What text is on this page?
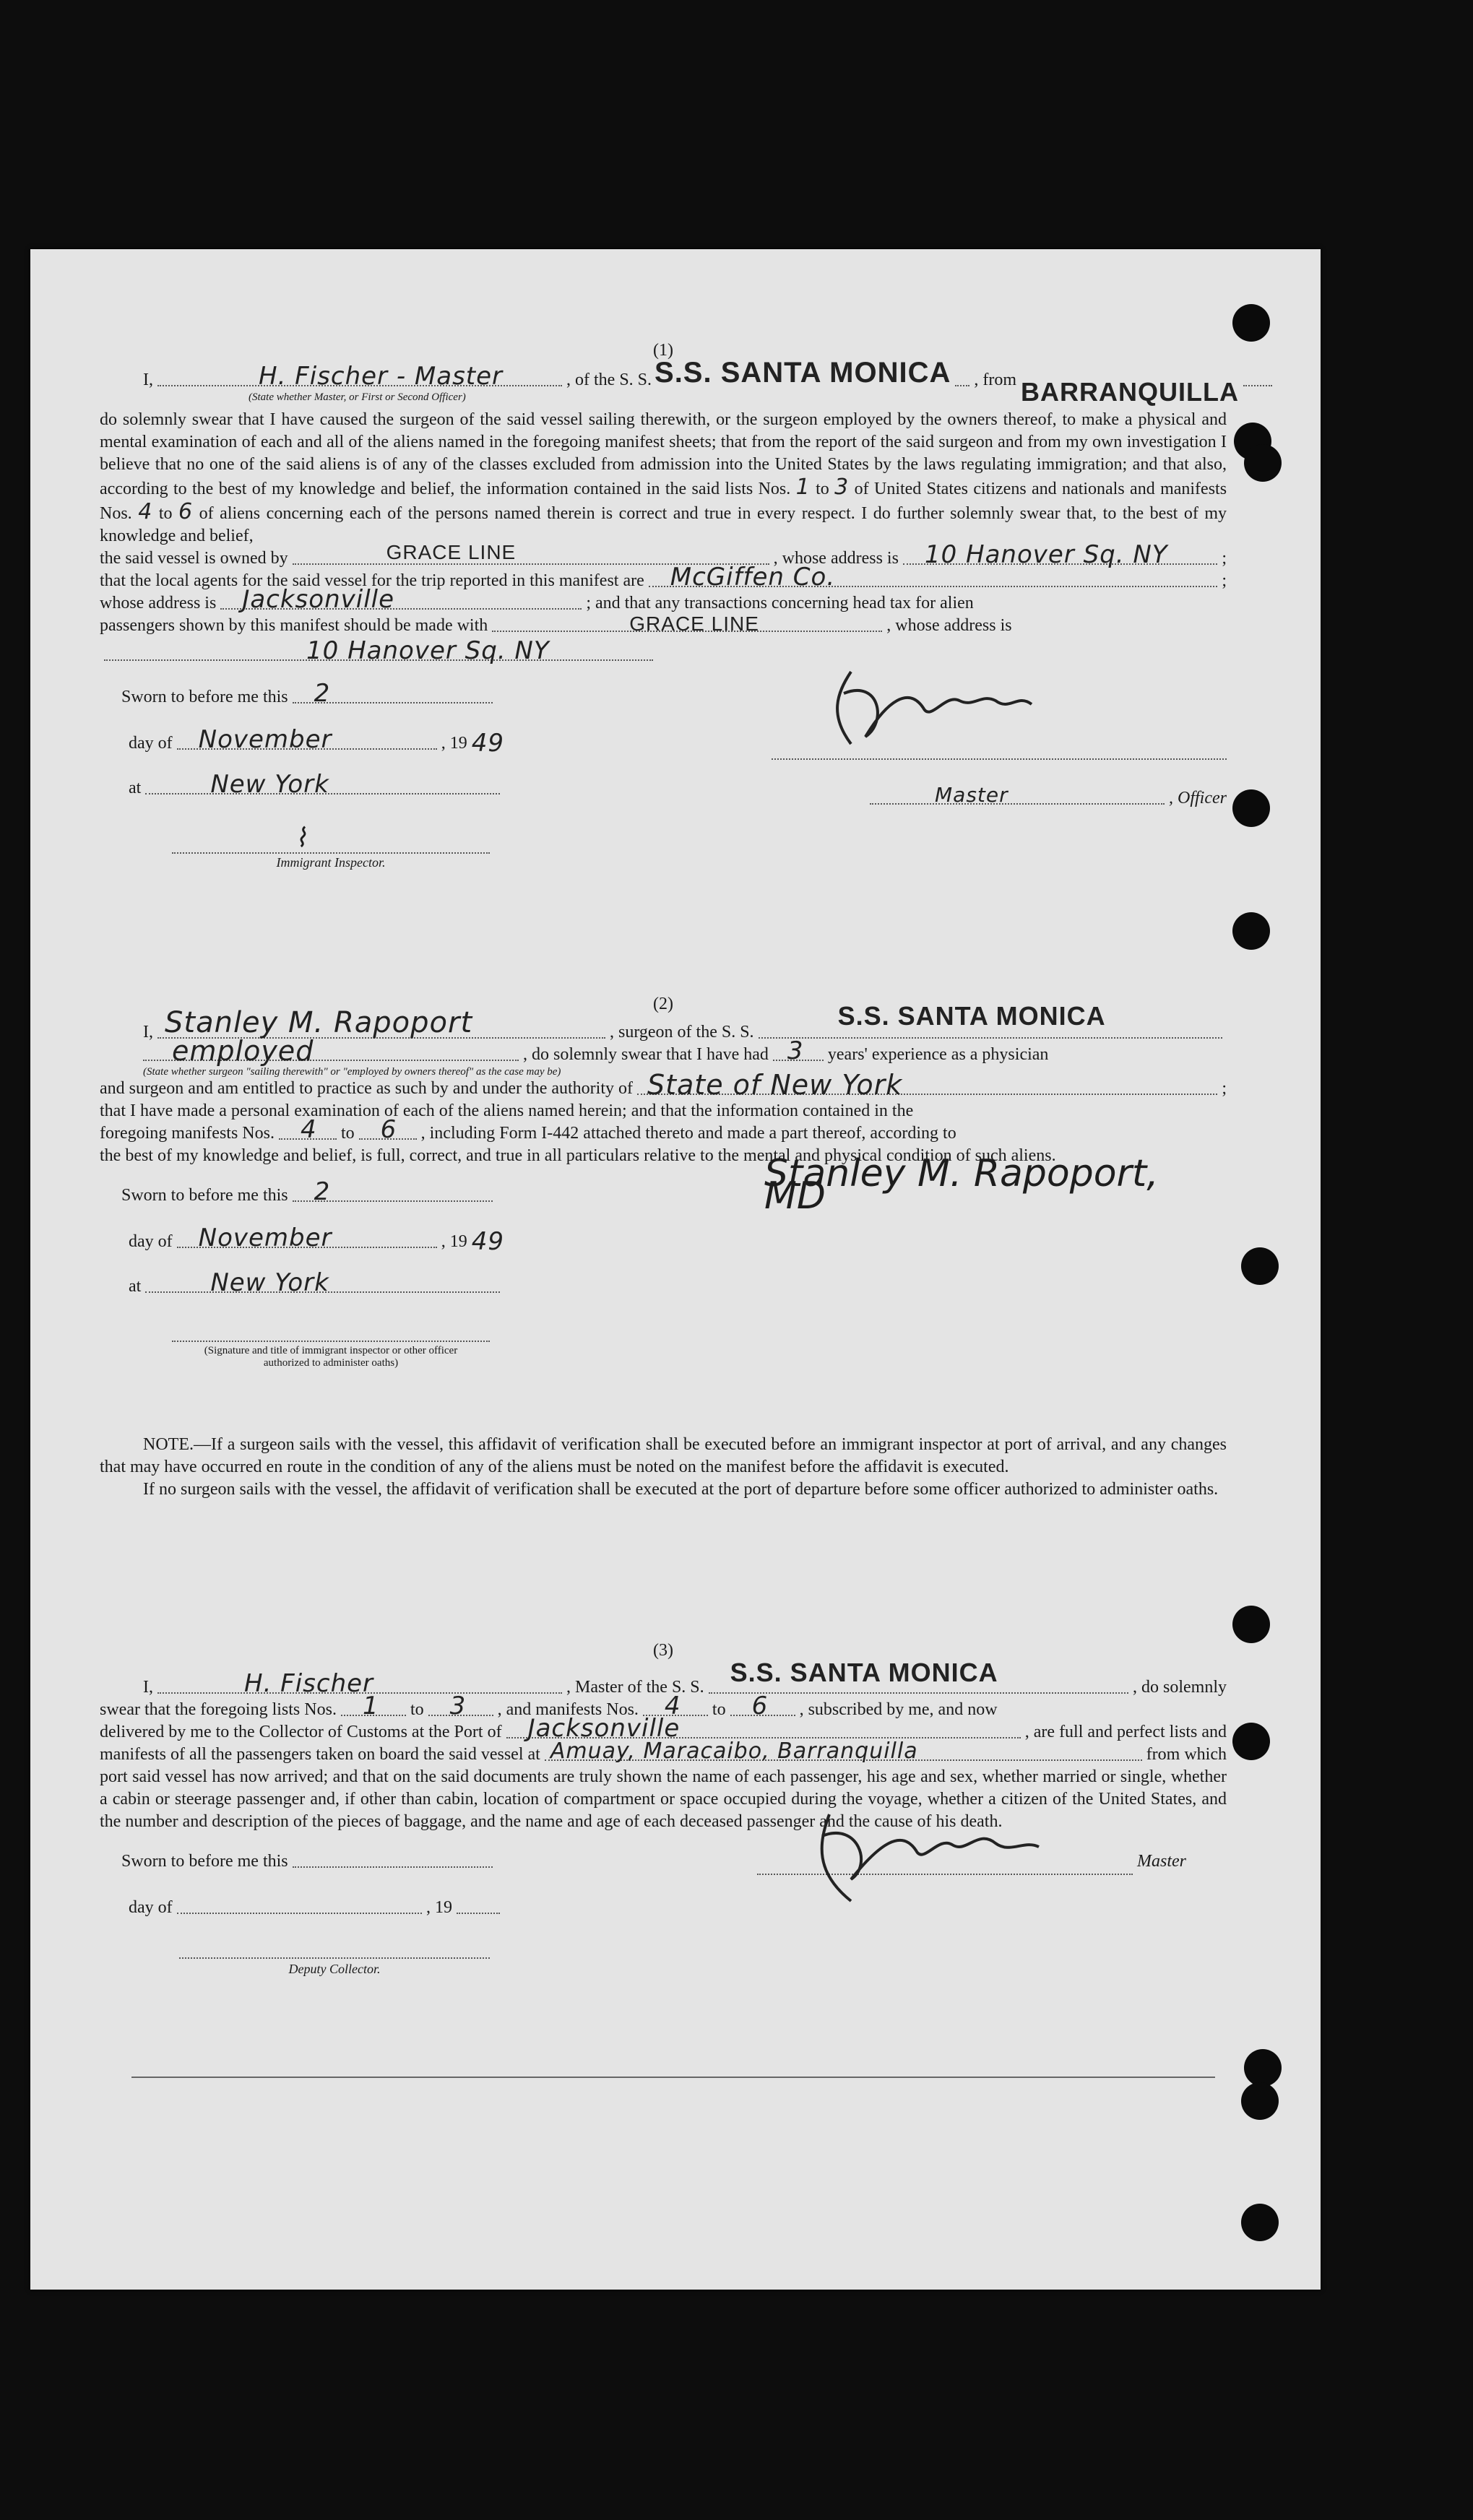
(1)
I,	H. Fischer - Master	, of the S. S. S.S. SANTA MONICA , from BARRANQUILLA
(State whether Master, or First or Second Officer)
do solemnly swear that I have caused the surgeon of the said vessel sailing therewith, or the surgeon employed by the owners thereof, to make a physical and mental examination of each and all of the aliens named in the foregoing manifest sheets; that from the report of the said surgeon and from my own investigation I believe that no one of the said aliens is of any of the classes excluded from admission into the United States by the laws regulating immigration; and that also, according to the best of my knowledge and belief, the information contained in the said lists Nos. 1 to 3 of United States citizens and nationals and manifests Nos. 4 to 6 of aliens concerning each of the persons named therein is correct and true in every respect. I do further solemnly swear that, to the best of my knowledge and belief,
the said vessel is owned by	GRACE LINE	, whose address is 10 Hanover Sq. NY	;
that the local agents for the said vessel for the trip reported in this manifest are McGiffen Co.	;
whose address is Jacksonville	; and that any transactions concerning head tax for alien
passengers shown by this manifest should be made with	GRACE LINE	, whose address is
10 Hanover Sq. NY
Sworn to before me this 2
day of November	, 19 49
at	New York
⌇
Immigrant Inspector.
Master	, Officer
(2)
I, Stanley M. Rapoport	, surgeon of the S. S.
S.S. SANTA MONICA
employed	, do solemnly swear that I have had 3 years' experience as a physician
(State whether surgeon "sailing therewith" or "employed by owners thereof" as the case may be)
and surgeon and am entitled to practice as such by and under the authority of State of New York	;
that I have made a personal examination of each of the aliens named herein; and that the information contained in the
foregoing manifests Nos. 4 to 6 , including Form I-442 attached thereto and made a part thereof, according to
the best of my knowledge and belief, is full, correct, and true in all particulars relative to the mental and physical condition of such aliens.
Sworn to before me this 2
day of November	, 19 49
at	New York
(Signature and title of immigrant inspector or other officer authorized to administer oaths)
Stanley M. Rapoport, MD
NOTE.—If a surgeon sails with the vessel, this affidavit of verification shall be executed before an immigrant inspector at port of arrival, and any changes that may have occurred en route in the condition of any of the aliens must be noted on the manifest before the affidavit is executed.
If no surgeon sails with the vessel, the affidavit of verification shall be executed at the port of departure before some officer authorized to administer oaths.
(3)
I,	H. Fischer	, Master of the S. S. S.S. SANTA MONICA	, do solemnly
swear that the foregoing lists Nos. 1 to 3 , and manifests Nos. 4 to 6 , subscribed by me, and now
delivered by me to the Collector of Customs at the Port of Jacksonville	, are full and perfect lists and
manifests of all the passengers taken on board the said vessel at Amuay, Maracaibo, Barranquilla	from which
port said vessel has now arrived; and that on the said documents are truly shown the name of each passenger, his age and sex, whether married or single, whether a cabin or steerage passenger and, if other than cabin, location of compartment or space occupied during the voyage, whether a citizen of the United States, and the number and description of the pieces of baggage, and the name and age of each deceased passenger and the cause of his death.
Sworn to before me this
day of	, 19
Deputy Collector.
Master
